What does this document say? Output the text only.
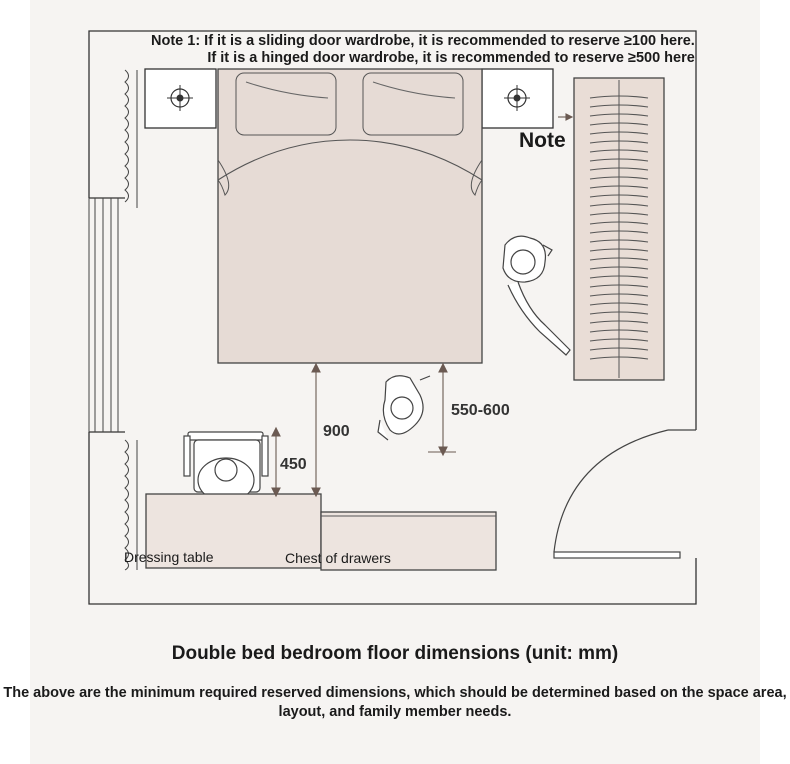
Note 1: If it is a sliding door wardrobe, it is recommended to reserve ≥100 here.
If it is a hinged door wardrobe, it is recommended to reserve ≥500 here
Note
900
450
550-600
Dressing table	Chest of drawers
Double bed bedroom floor dimensions (unit: mm)
The above are the minimum required reserved dimensions, which should be determined based on the space area, layout, and family member needs.
